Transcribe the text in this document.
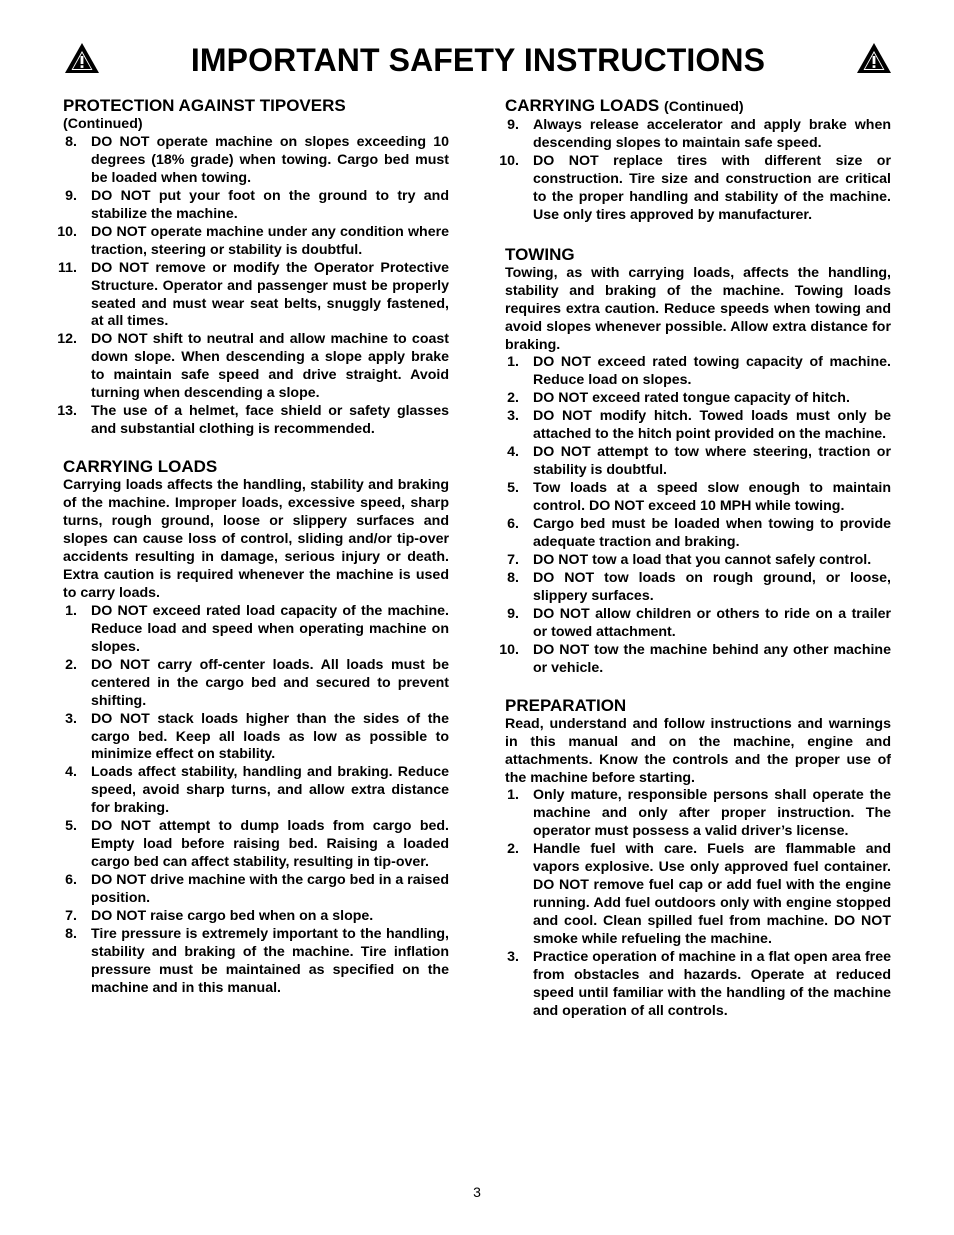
IMPORTANT SAFETY INSTRUCTIONS
PROTECTION AGAINST TIPOVERS
(Continued)
8. DO NOT operate machine on slopes exceeding 10 degrees (18% grade) when towing. Cargo bed must be loaded when towing.
9. DO NOT put your foot on the ground to try and stabilize the machine.
10. DO NOT operate machine under any condition where traction, steering or stability is doubtful.
11. DO NOT remove or modify the Operator Protective Structure. Operator and passenger must be properly seated and must wear seat belts, snuggly fastened, at all times.
12. DO NOT shift to neutral and allow machine to coast down slope. When descending a slope apply brake to maintain safe speed and drive straight. Avoid turning when descending a slope.
13. The use of a helmet, face shield or safety glasses and substantial clothing is recommended.
CARRYING LOADS

Carrying loads affects the handling, stability and braking of the machine. Improper loads, excessive speed, sharp turns, rough ground, loose or slippery surfaces and slopes can cause loss of control, sliding and/or tip-over accidents resulting in damage, serious injury or death. Extra caution is required whenever the machine is used to carry loads.

1. DO NOT exceed rated load capacity of the machine. Reduce load and speed when operating machine on slopes.
2. DO NOT carry off-center loads. All loads must be centered in the cargo bed and secured to prevent shifting.
3. DO NOT stack loads higher than the sides of the cargo bed. Keep all loads as low as possible to minimize effect on stability.
4. Loads affect stability, handling and braking. Reduce speed, avoid sharp turns, and allow extra distance for braking.
5. DO NOT attempt to dump loads from cargo bed. Empty load before raising bed. Raising a loaded cargo bed can affect stability, resulting in tip-over.
6. DO NOT drive machine with the cargo bed in a raised position.
7. DO NOT raise cargo bed when on a slope.
8. Tire pressure is extremely important to the handling, stability and braking of the machine. Tire inflation pressure must be maintained as specified on the machine and in this manual.
CARRYING LOADS (Continued)
9. Always release accelerator and apply brake when descending slopes to maintain safe speed.
10. DO NOT replace tires with different size or construction. Tire size and construction are critical to the proper handling and stability of the machine. Use only tires approved by manufacturer.
TOWING

Towing, as with carrying loads, affects the handling, stability and braking of the machine. Towing loads requires extra caution. Reduce speeds when towing and avoid slopes whenever possible. Allow extra distance for braking.

1. DO NOT exceed rated towing capacity of machine. Reduce load on slopes.
2. DO NOT exceed rated tongue capacity of hitch.
3. DO NOT modify hitch. Towed loads must only be attached to the hitch point provided on the machine.
4. DO NOT attempt to tow where steering, traction or stability is doubtful.
5. Tow loads at a speed slow enough to maintain control. DO NOT exceed 10 MPH while towing.
6. Cargo bed must be loaded when towing to provide adequate traction and braking.
7. DO NOT tow a load that you cannot safely control.
8. DO NOT tow loads on rough ground, or loose, slippery surfaces.
9. DO NOT allow children or others to ride on a trailer or towed attachment.
10. DO NOT tow the machine behind any other machine or vehicle.
PREPARATION

Read, understand and follow instructions and warnings in this manual and on the machine, engine and attachments. Know the controls and the proper use of the machine before starting.

1. Only mature, responsible persons shall operate the machine and only after proper instruction. The operator must possess a valid driver’s license.
2. Handle fuel with care. Fuels are flammable and vapors explosive. Use only approved fuel container. DO NOT remove fuel cap or add fuel with the engine running. Add fuel outdoors only with engine stopped and cool. Clean spilled fuel from machine. DO NOT smoke while refueling the machine.
3. Practice operation of machine in a flat open area free from obstacles and hazards. Operate at reduced speed until familiar with the handling of the machine and operation of all controls.
3
